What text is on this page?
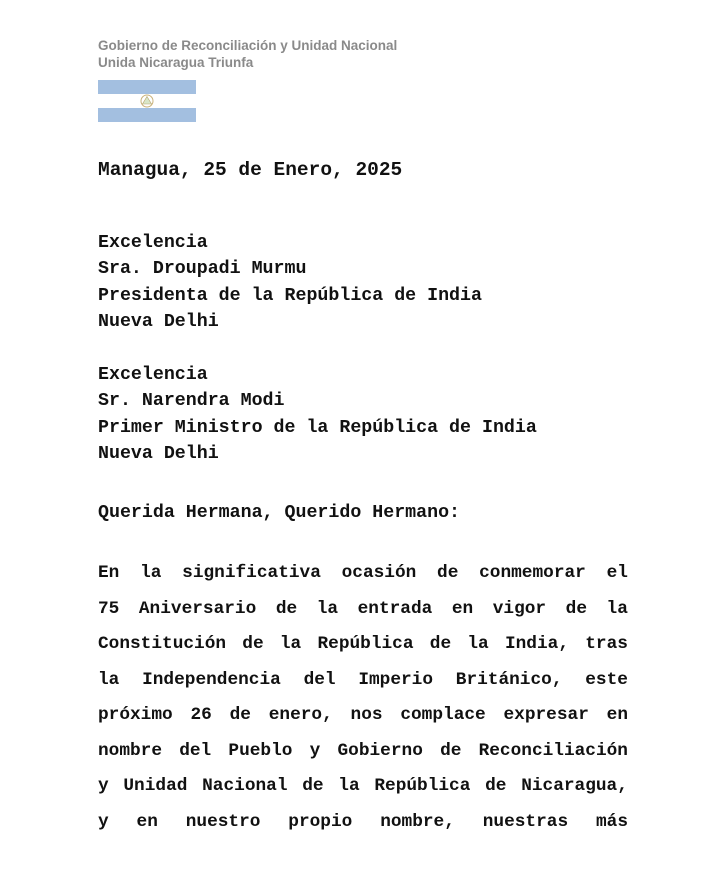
Gobierno de Reconciliación y Unidad Nacional
Unida Nicaragua Triunfa
Managua, 25 de Enero, 2025
Excelencia
Sra. Droupadi Murmu
Presidenta de la República de India
Nueva Delhi
Excelencia
Sr. Narendra Modi
Primer Ministro de la República de India
Nueva Delhi
Querida Hermana, Querido Hermano:
En la significativa ocasión de conmemorar el
75 Aniversario de la entrada en vigor de la
Constitución de la República de la India, tras
la Independencia del Imperio Británico, este
próximo 26 de enero, nos complace expresar en
nombre del Pueblo y Gobierno de Reconciliación
y Unidad Nacional de la República de Nicaragua,
y en nuestro propio nombre, nuestras más
